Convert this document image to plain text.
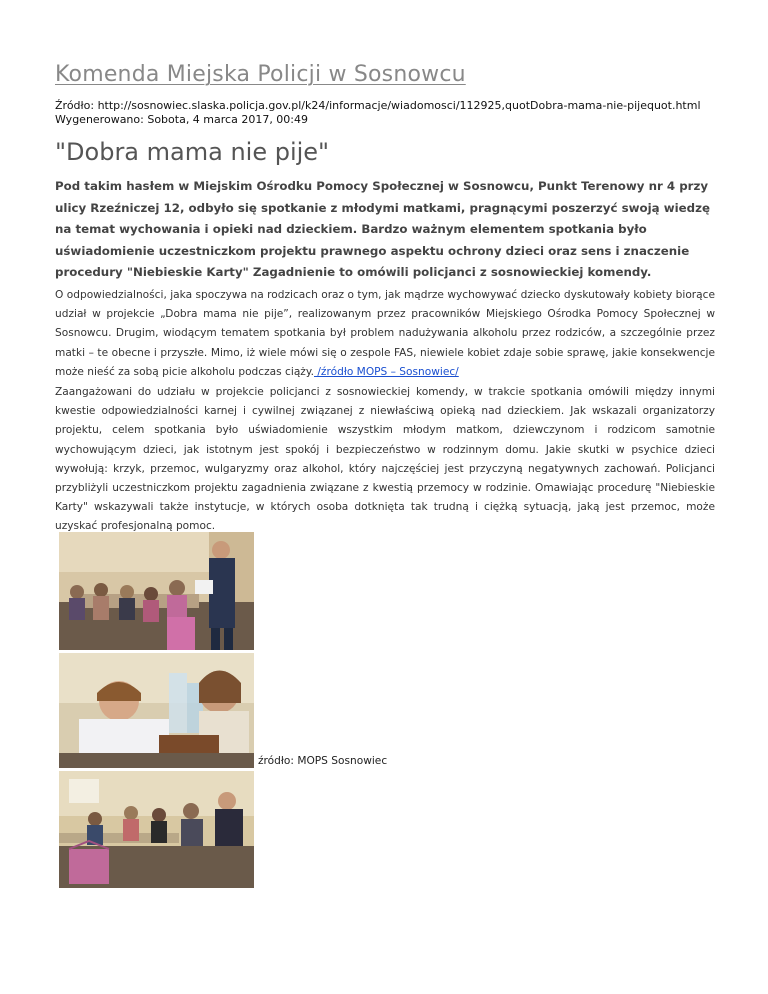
Komenda Miejska Policji w Sosnowcu
Źródło: http://sosnowiec.slaska.policja.gov.pl/k24/informacje/wiadomosci/112925,quotDobra-mama-nie-pijequot.html
Wygenerowano: Sobota, 4 marca 2017, 00:49
"Dobra mama nie pije"

Pod takim hasłem w Miejskim Ośrodku Pomocy Społecznej w Sosnowcu, Punkt Terenowy nr 4 przy ulicy Rzeźniczej 12, odbyło się spotkanie z młodymi matkami, pragnącymi poszerzyć swoją wiedzę na temat wychowania i opieki nad dzieckiem. Bardzo ważnym elementem spotkania było uświadomienie uczestniczkom projektu prawnego aspektu ochrony dzieci oraz sens i znaczenie procedury "Niebieskie Karty" Zagadnienie to omówili policjanci z sosnowieckiej komendy.

O odpowiedzialności, jaka spoczywa na rodzicach oraz o tym, jak mądrze wychowywać dziecko dyskutowały kobiety biorące udział w projekcie „Dobra mama nie pije”, realizowanym przez pracowników Miejskiego Ośrodka Pomocy Społecznej w Sosnowcu. Drugim, wiodącym tematem spotkania był problem nadużywania alkoholu przez rodziców, a szczególnie przez matki – te obecne i przyszłe. Mimo, iż wiele mówi się o zespole FAS, niewiele kobiet zdaje sobie sprawę, jakie konsekwencje może nieść za sobą picie alkoholu podczas ciąży. /źródło MOPS – Sosnowiec/

Zaangażowani do udziału w projekcie policjanci z sosnowieckiej komendy, w trakcie spotkania omówili między innymi kwestie odpowiedzialności karnej i cywilnej związanej z niewłaściwą opieką nad dzieckiem. Jak wskazali organizatorzy projektu, celem spotkania było uświadomienie wszystkim młodym matkom, dziewczynom i rodzicom samotnie wychowującym dzieci, jak istotnym jest spokój i bezpieczeństwo w rodzinnym domu. Jakie skutki w psychice dzieci wywołują: krzyk, przemoc, wulgaryzmy oraz alkohol, który najczęściej jest przyczyną negatywnych zachowań. Policjanci przybliżyli uczestniczkom projektu zagadnienia związane z kwestią przemocy w rodzinie. Omawiając procedurę "Niebieskie Karty" wskazywali także instytucje, w których osoba dotknięta tak trudną i ciężką sytuacją, jaką jest przemoc, może uzyskać profesjonalną pomoc.

źródło: MOPS Sosnowiec
